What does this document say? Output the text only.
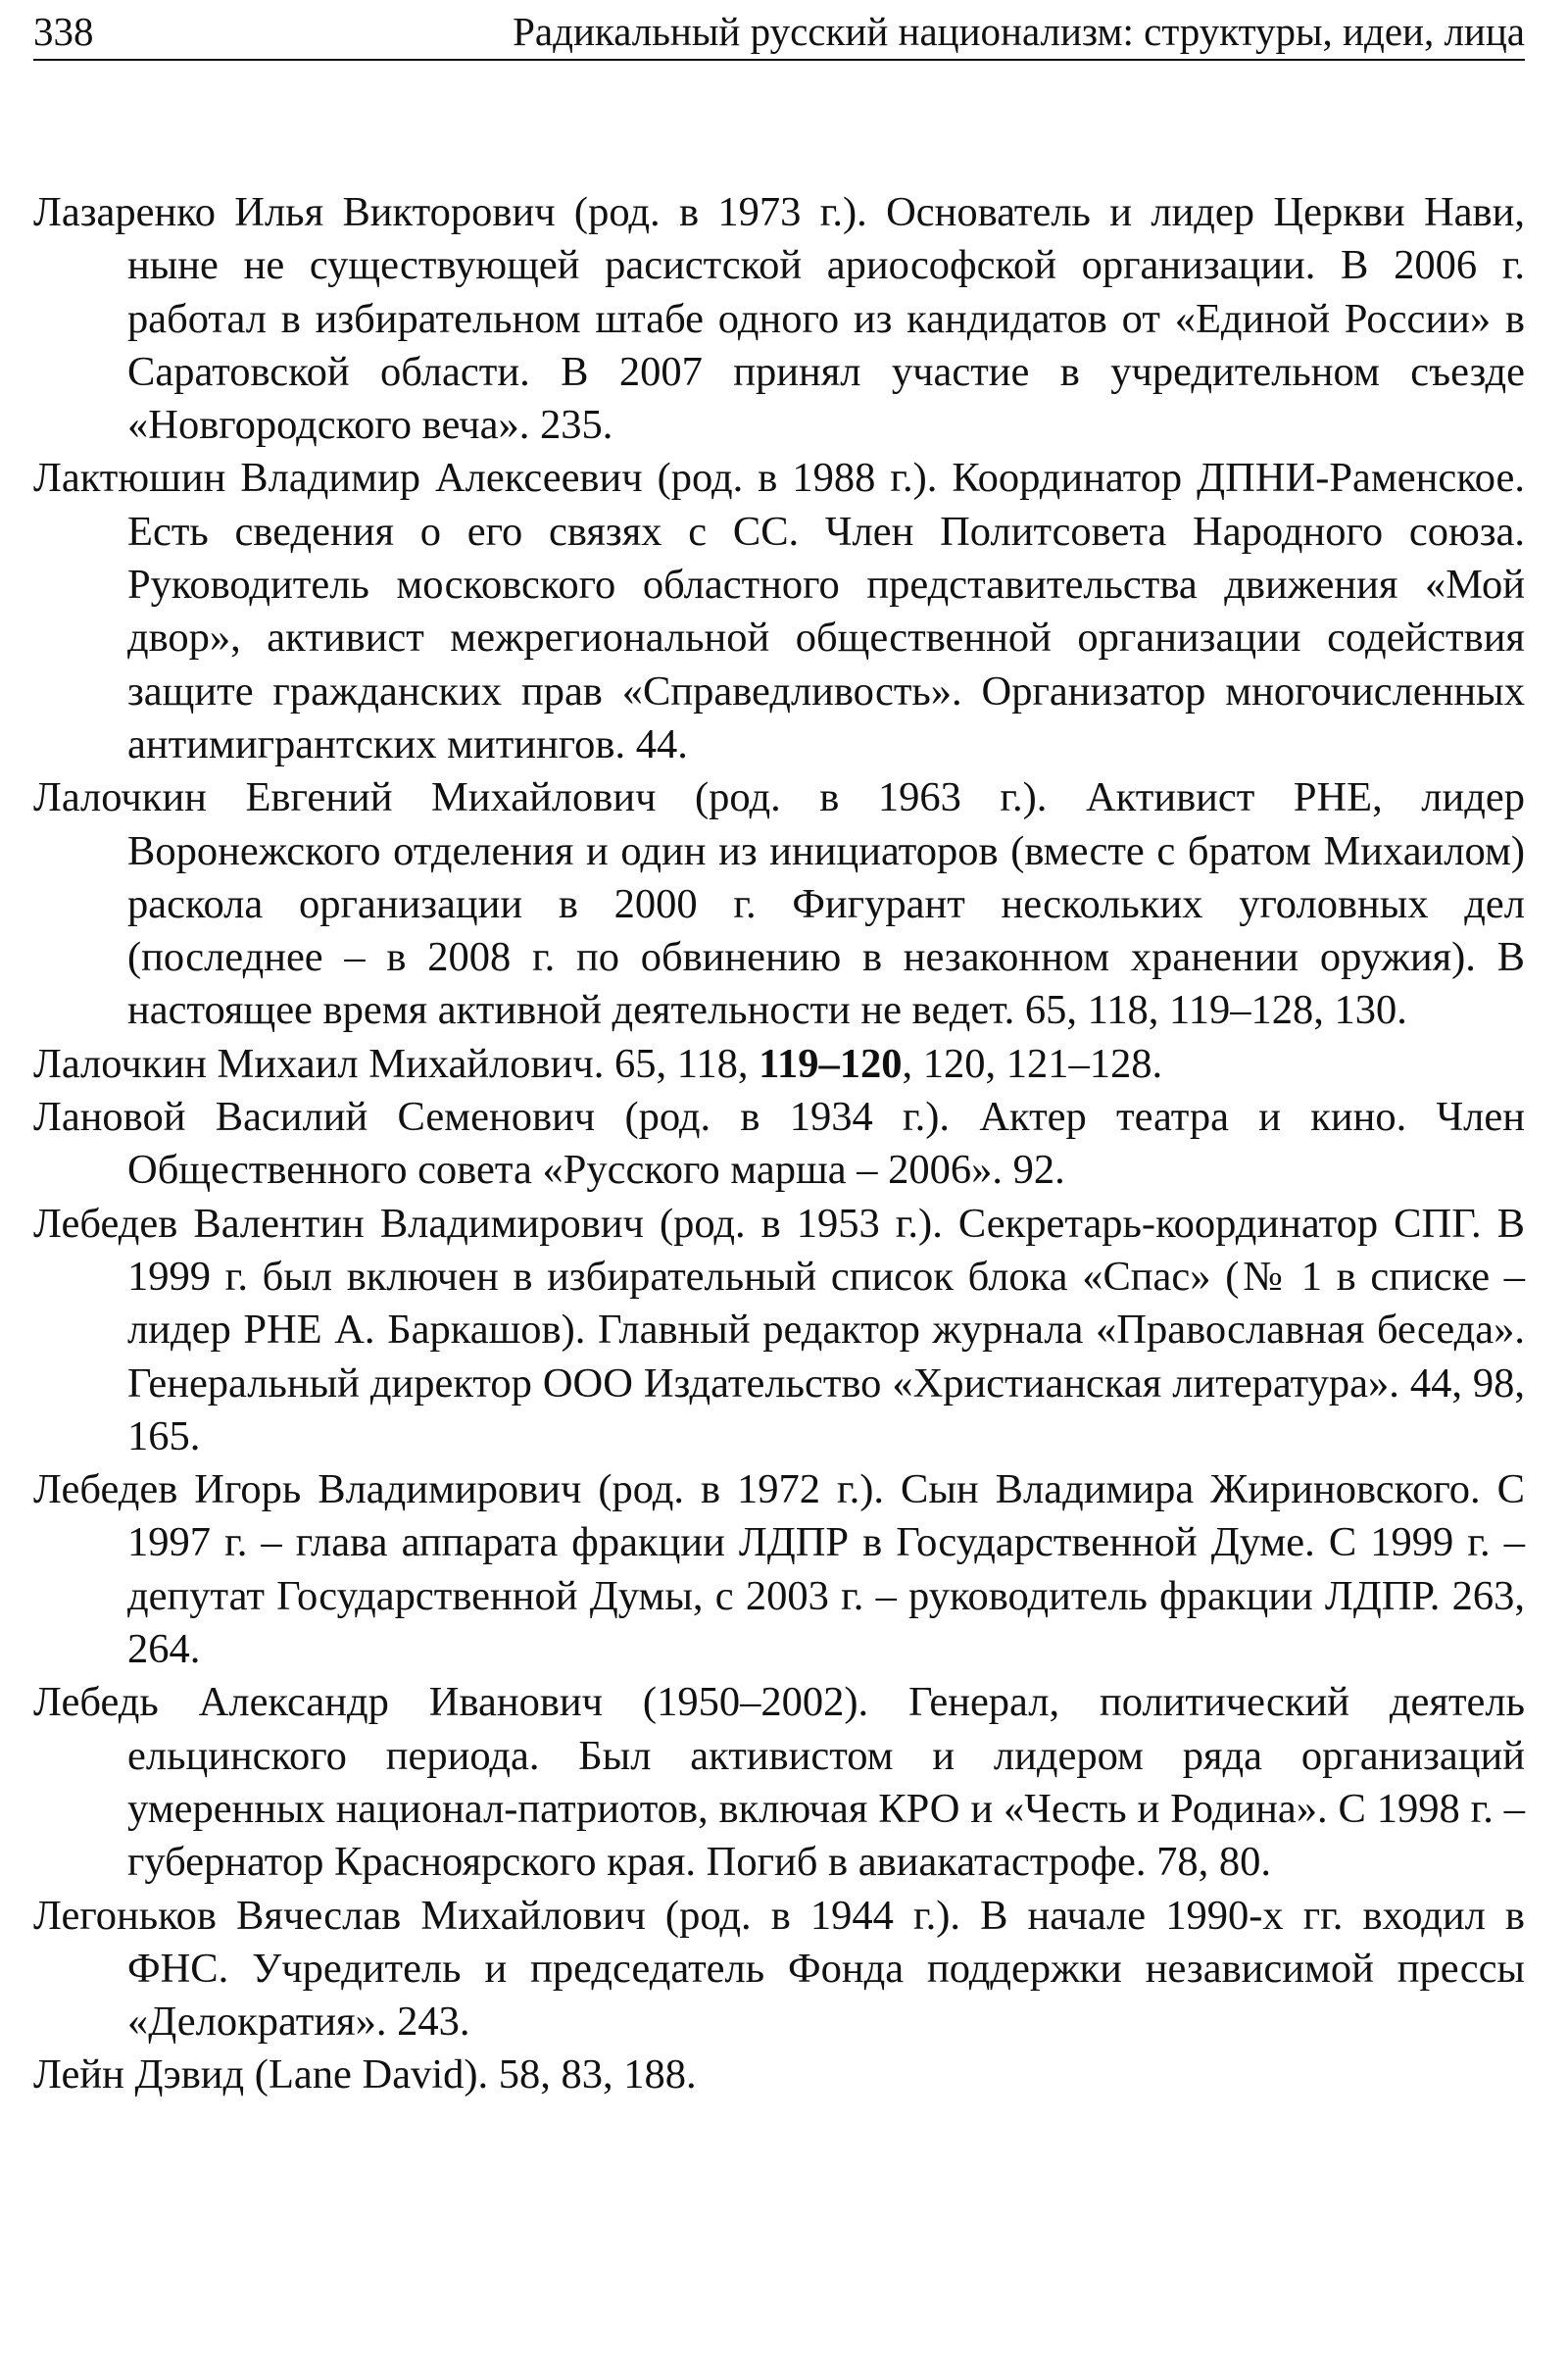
338	Радикальный русский национализм: структуры, идеи, лица
Лазаренко Илья Викторович (род. в 1973 г.). Основатель и лидер Церкви Нави, ныне не существующей расистской ариософской организации. В 2006 г. работал в избирательном штабе одного из кандидатов от «Единой России» в Саратовской области. В 2007 принял участие в учредительном съезде «Новгородского веча». 235.
Лактюшин Владимир Алексеевич (род. в 1988 г.). Координатор ДПНИ-Раменское. Есть сведения о его связях с СС. Член Политсовета Народного союза. Руководитель московского областного представительства движения «Мой двор», активист межрегиональной общественной организации содействия защите гражданских прав «Справедливость». Организатор многочисленных антимигрантских митингов. 44.
Лалочкин Евгений Михайлович (род. в 1963 г.). Активист РНЕ, лидер Воронежского отделения и один из инициаторов (вместе с братом Михаилом) раскола организации в 2000 г. Фигурант нескольких уголовных дел (последнее – в 2008 г. по обвинению в незаконном хранении оружия). В настоящее время активной деятельности не ведет. 65, 118, 119–128, 130.
Лалочкин Михаил Михайлович. 65, 118, 119–120, 120, 121–128.
Лановой Василий Семенович (род. в 1934 г.). Актер театра и кино. Член Общественного совета «Русского марша – 2006». 92.
Лебедев Валентин Владимирович (род. в 1953 г.). Секретарь-координатор СПГ. В 1999 г. был включен в избирательный список блока «Спас» (№ 1 в списке – лидер РНЕ А. Баркашов). Главный редактор журнала «Православная беседа». Генеральный директор ООО Издательство «Христианская литература». 44, 98, 165.
Лебедев Игорь Владимирович (род. в 1972 г.). Сын Владимира Жириновского. С 1997 г. – глава аппарата фракции ЛДПР в Государственной Думе. С 1999 г. – депутат Государственной Думы, с 2003 г. – руководитель фракции ЛДПР. 263, 264.
Лебедь Александр Иванович (1950–2002). Генерал, политический деятель ельцинского периода. Был активистом и лидером ряда организаций умеренных национал-патриотов, включая КРО и «Честь и Родина». С 1998 г. – губернатор Красноярского края. Погиб в авиакатастрофе. 78, 80.
Легоньков Вячеслав Михайлович (род. в 1944 г.). В начале 1990-х гг. входил в ФНС. Учредитель и председатель Фонда поддержки независимой прессы «Делократия». 243.
Лейн Дэвид (Lane David). 58, 83, 188.
